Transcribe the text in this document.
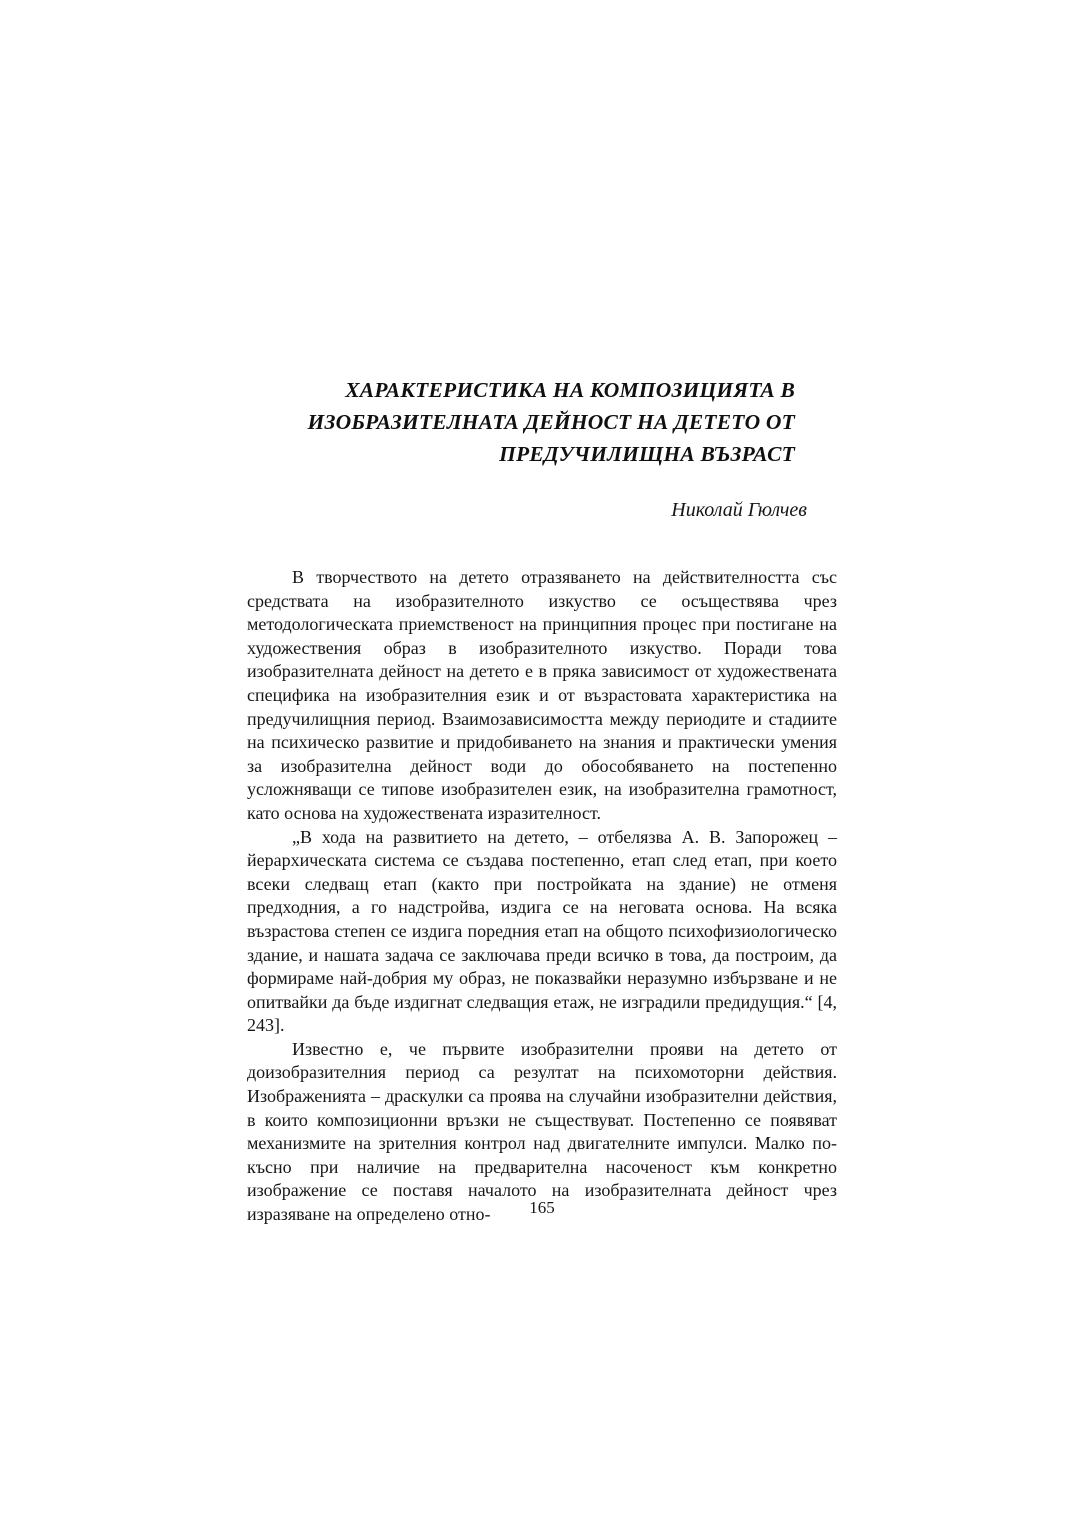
ХАРАКТЕРИСТИКА НА КОМПОЗИЦИЯТА В
ИЗОБРАЗИТЕЛНАТА ДЕЙНОСТ НА ДЕТЕТО ОТ
ПРЕДУЧИЛИЩНА ВЪЗРАСТ
Николай Гюлчев

В творчеството на детето отразяването на действителността със средствата на изобразителното изкуство се осъществява чрез методологическата приемственост на принципния процес при постигане на художествения образ в изобразителното изкуство. Поради това изобразителната дейност на детето е в пряка зависимост от художествената специфика на изобразителния език и от възрастовата характеристика на предучилищния период. Взаимозависимостта между периодите и стадиите на психическо развитие и придобиването на знания и практически умения за изобразителна дейност води до обособяването на постепенно усложняващи се типове изобразителен език, на изобразителна грамотност, като основа на художествената изразителност.

„В хода на развитието на детето, – отбелязва А. В. Запорожец – йерархическата система се създава постепенно, етап след етап, при което всеки следващ етап (както при постройката на здание) не отменя предходния, а го надстройва, издига се на неговата основа. На всяка възрастова степен се издига поредния етап на общото психофизиологическо здание, и нашата задача се заключава преди всичко в това, да построим, да формираме най-добрия му образ, не показвайки неразумно избързване и не опитвайки да бъде издигнат следващия етаж, не изградили предидущия.“ [4, 243].

Известно е, че първите изобразителни прояви на детето от доизобразителния период са резултат на психомоторни действия. Изображенията – драскулки са проява на случайни изобразителни действия, в които композиционни връзки не съществуват. Постепенно се появяват механизмите на зрителния контрол над двигателните импулси. Малко по-късно при наличие на предварителна насоченост към конкретно изображение се поставя началото на изобразителната дейност чрез изразяване на определено отно-	165
